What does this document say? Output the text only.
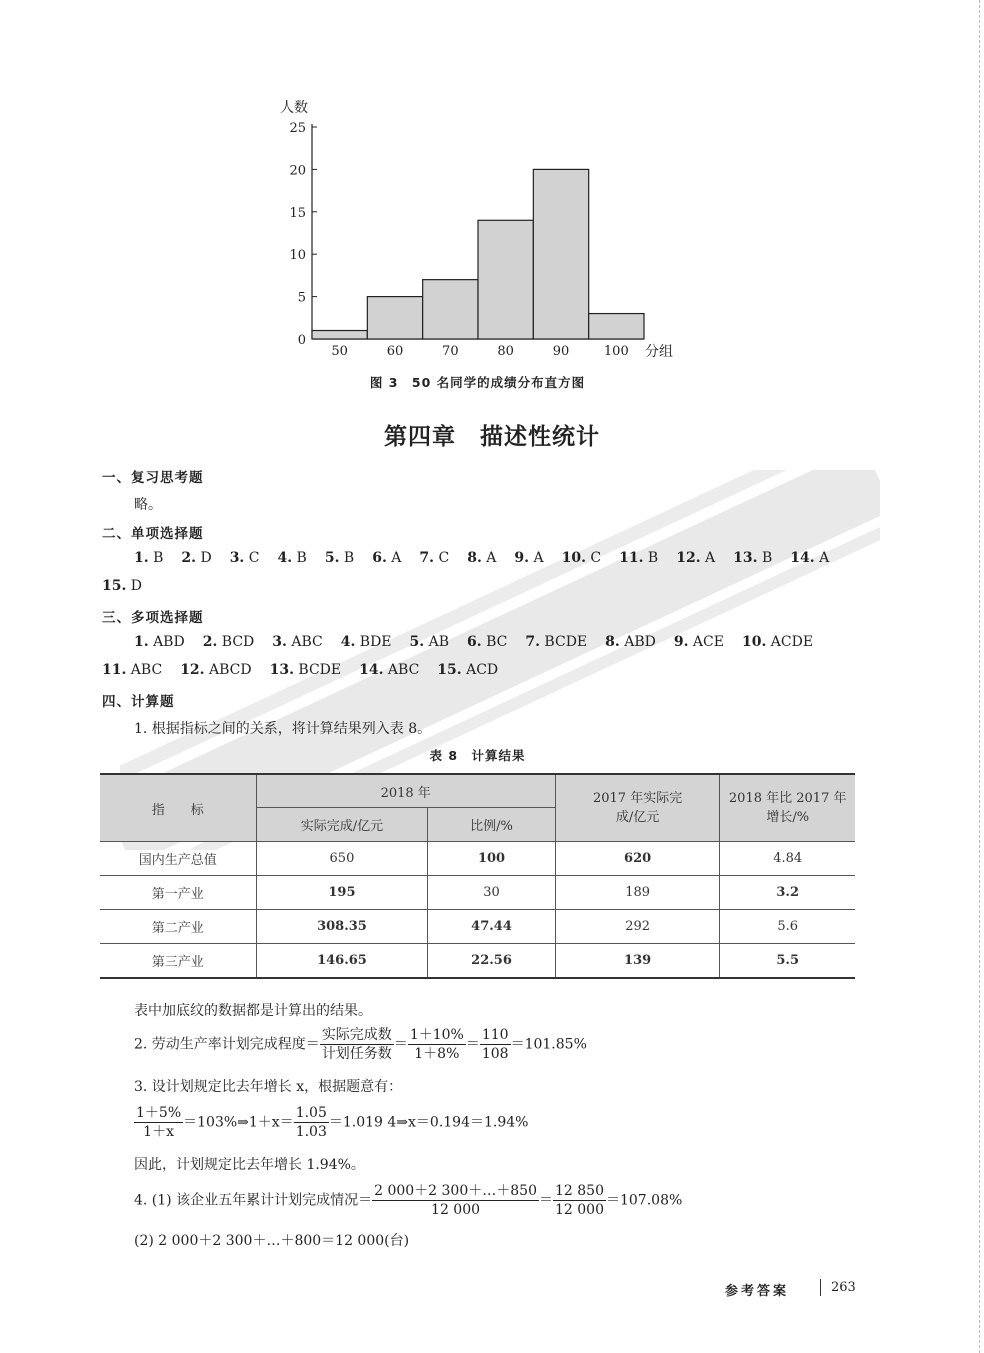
人数
分组
0
5
10
15
20
25
50	60	70	80	90	100
图 3　50 名同学的成绩分布直方图
第四章　描述性统计
一、复习思考题
略。
二、单项选择题
1. B 2. D 3. C 4. B 5. B 6. A 7. C 8. A 9. A 10. C 11. B 12. A 13. B 14. A
15. D
三、多项选择题
1. ABD 2. BCD 3. ABC 4. BDE 5. AB 6. BC 7. BCDE 8. ABD 9. ACE 10. ACDE
11. ABC 12. ABCD 13. BCDE 14. ABC 15. ACD
四、计算题
1. 根据指标之间的关系，将计算结果列入表 8。
表 8　计算结果
指　　标	2018 年		2017 年实际完成/亿元	2018 年比 2017 年增长/%

	实际完成/亿元	比例/%		
国内生产总值	650	100	620	4.84
第一产业	195	30	189	3.2
第二产业	308.35	47.44	292	5.6
第三产业	146.65	22.56	139	5.5
表中加底纹的数据都是计算出的结果。
2. 劳动生产率计划完成程度＝ $\frac{\text{实际完成数}}{\text{计划任务数}} = \frac{1+10\%}{1+8\%} = \frac{110}{108} =101.85\%$
3. 设计划规定比去年增长 x，根据题意有：
$\frac{1+5\%}{1+x}$ ＝103%⇒1＋x＝ $\frac{1.05}{1.03} =1.019$ 4⇒x＝0.194＝1.94%
因此，计划规定比去年增长 1.94%。
4. (1) 该企业五年累计计划完成情况＝ $\frac{2 000+2 300+\dots+850}{12 000} = \frac{12 850}{12 000} =107.08\%$
(2) 2 000＋2 300＋…＋800＝12 000(台)
参考答案	263
